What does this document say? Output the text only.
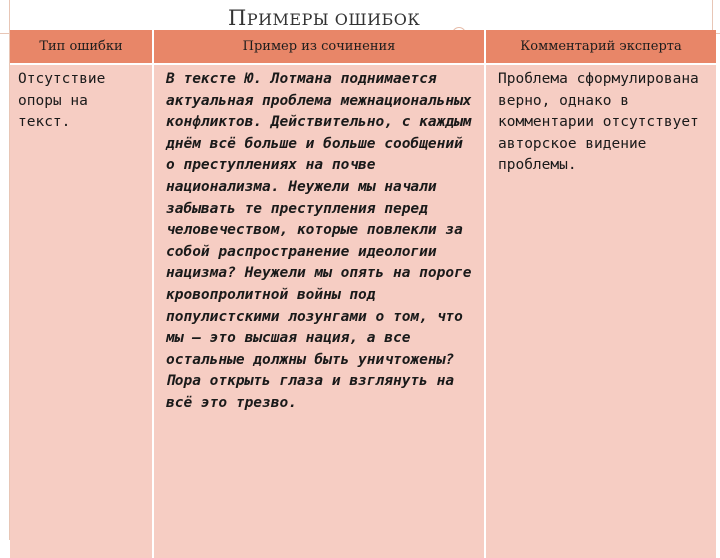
ПРИМЕРЫ ОШИБОК
Тип ошибки	Пример из сочинения	Комментарий эксперта

Отсутствие опоры на текст.	В тексте Ю. Лотмана поднимается актуальная проблема межнациональных конфликтов. Действительно, с каждым днём всё больше и больше сообщений о преступлениях на почве национализма. Неужели мы начали забывать те преступления перед человечеством, которые повлекли за собой распространение идеологии нацизма? Неужели мы опять на пороге кровопролитной войны под популистскими лозунгами о том, что мы — это высшая нация, а все остальные должны быть уничтожены? Пора открыть глаза и взглянуть на всё это трезво.	Проблема сформулирована верно, однако в комментарии отсутствует авторское видение проблемы.
